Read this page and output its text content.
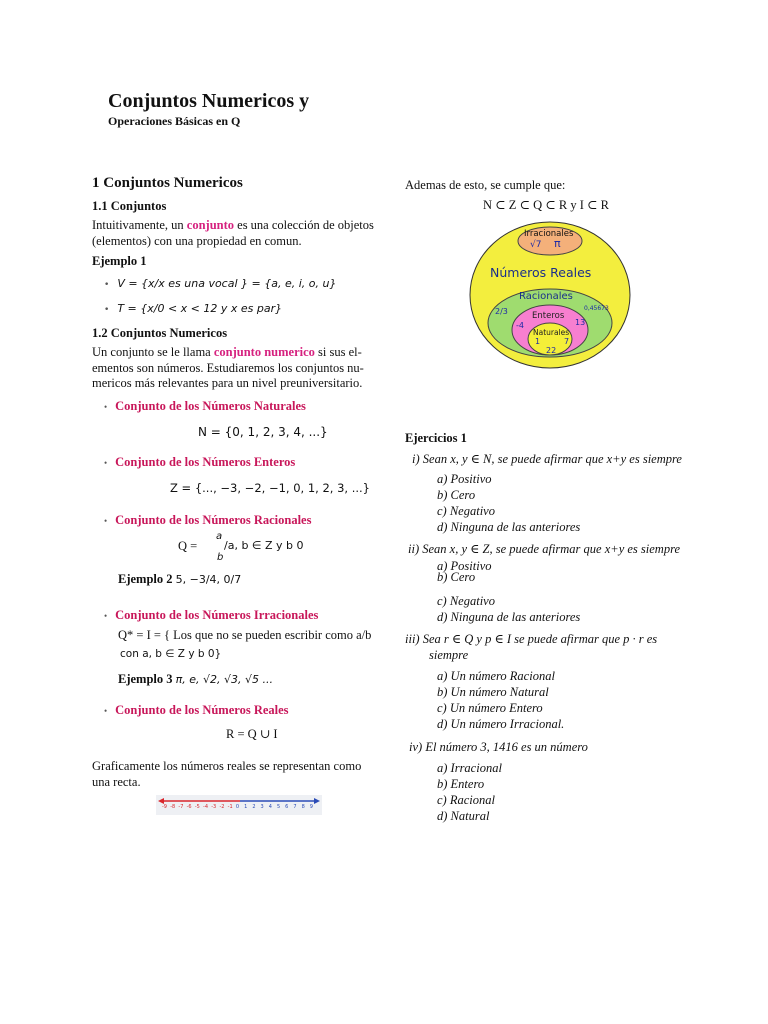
Conjuntos Numericos y
Operaciones Básicas en Q
1 Conjuntos Numericos
1.1 Conjuntos
Intuitivamente, un conjunto es una colección de objetos
(elementos) con una propiedad en comun.
Ejemplo 1
• V = {x/x es una vocal } = {a, e, i, o, u}
• T = {x/0 < x < 12 y x es par}
1.2 Conjuntos Numericos
Un conjunto se le llama conjunto numerico si sus el-
ementos son números. Estudiaremos los conjuntos nu-
mericos más relevantes para un nivel preuniversitario.
• Conjunto de los Números Naturales
N = {0, 1, 2, 3, 4, ...}
• Conjunto de los Números Enteros
Z = {..., −3, −2, −1, 0, 1, 2, 3, ...}
• Conjunto de los Números Racionales
Q =
a
b
/a, b ∈ Z y b 0
Ejemplo 2 5, −3/4, 0/7
• Conjunto de los Números Irracionales
Q* = I = { Los que no se pueden escribir como a/b
con a, b ∈ Z y b 0}
Ejemplo 3 π, e, √2, √3, √5 ...
• Conjunto de los Números Reales
R = Q ∪ I
Graficamente los números reales se representan como
una recta.
-9 -8 -7 -6 -5 -4 -3 -2 -1 0 1 2 3 4 5 6 7 8 9
Ademas de esto, se cumple que:
N ⊂ Z ⊂ Q ⊂ R y I ⊂ R
Irracionales
√7 π
Números Reales
Racionales
2/3	0,45673
Enteros
-4	13
Naturales
1	7
22
Ejercicios 1
i) Sean x, y ∈ N, se puede afirmar que x+y es siempre
a) Positivo
b) Cero
c) Negativo
d) Ninguna de las anteriores
ii) Sean x, y ∈ Z, se puede afirmar que x+y es siempre
a) Positivo
b) Cero
c) Negativo
d) Ninguna de las anteriores
iii) Sea r ∈ Q y p ∈ I se puede afirmar que p · r es
siempre
a) Un número Racional
b) Un número Natural
c) Un número Entero
d) Un número Irracional.
iv) El número 3, 1416 es un número
a) Irracional
b) Entero
c) Racional
d) Natural
